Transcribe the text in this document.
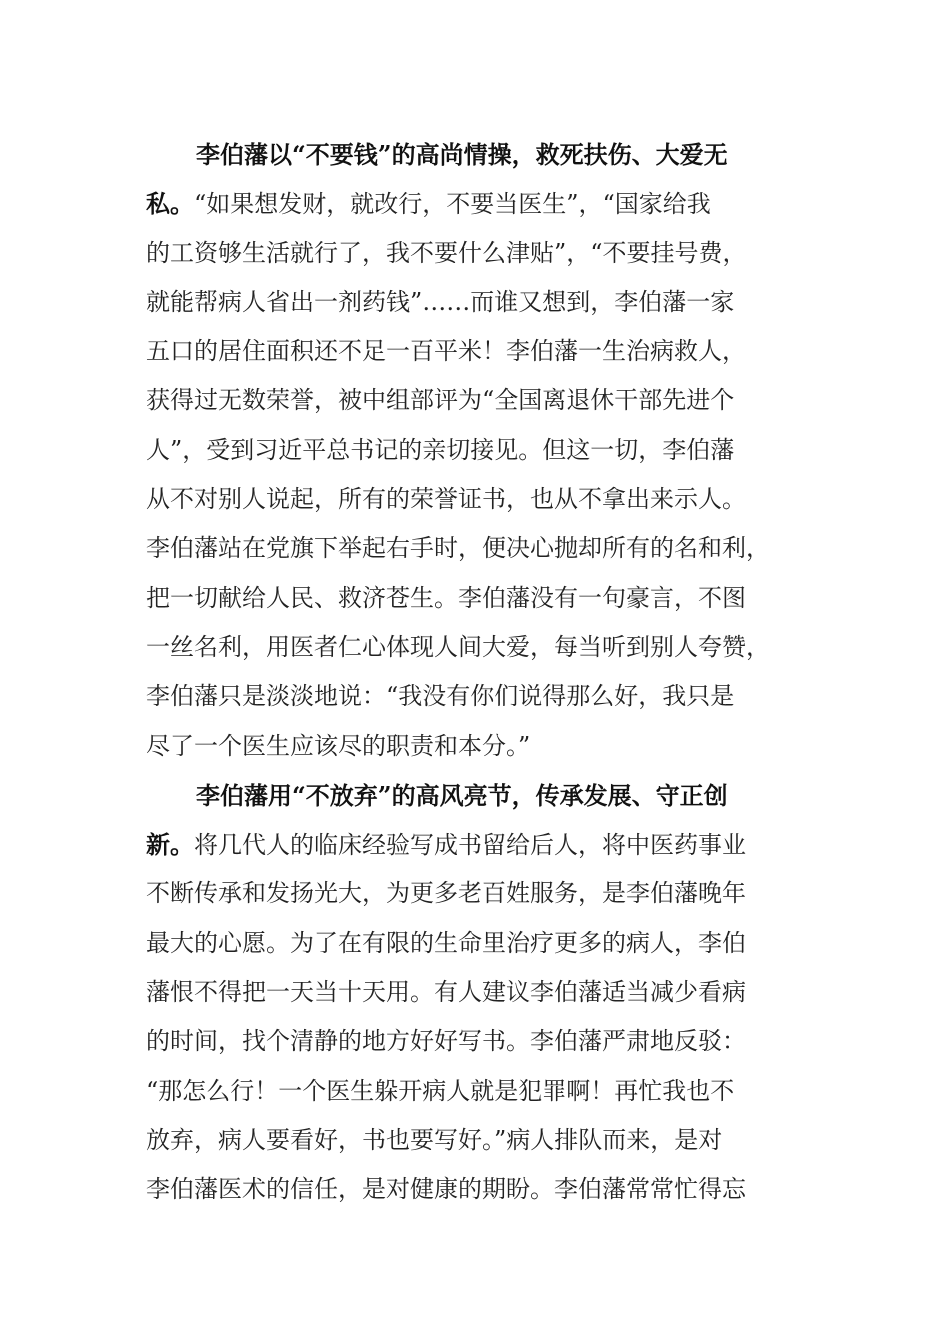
李伯藩以“不要钱”的高尚情操，救死扶伤、大爱无
私。“如果想发财，就改行，不要当医生”，“国家给我
的工资够生活就行了，我不要什么津贴”，“不要挂号费，
就能帮病人省出一剂药钱”……而谁又想到，李伯藩一家
五口的居住面积还不足一百平米！李伯藩一生治病救人，
获得过无数荣誉，被中组部评为“全国离退休干部先进个
人”，受到习近平总书记的亲切接见。但这一切，李伯藩
从不对别人说起，所有的荣誉证书，也从不拿出来示人。
李伯藩站在党旗下举起右手时，便决心抛却所有的名和利，
把一切献给人民、救济苍生。李伯藩没有一句豪言，不图
一丝名利，用医者仁心体现人间大爱，每当听到别人夸赞，
李伯藩只是淡淡地说：“我没有你们说得那么好，我只是
尽了一个医生应该尽的职责和本分。”
李伯藩用“不放弃”的高风亮节，传承发展、守正创
新。将几代人的临床经验写成书留给后人，将中医药事业
不断传承和发扬光大，为更多老百姓服务，是李伯藩晚年
最大的心愿。为了在有限的生命里治疗更多的病人，李伯
藩恨不得把一天当十天用。有人建议李伯藩适当减少看病
的时间，找个清静的地方好好写书。李伯藩严肃地反驳：
“那怎么行！一个医生躲开病人就是犯罪啊！再忙我也不
放弃，病人要看好，书也要写好。”病人排队而来，是对
李伯藩医术的信任，是对健康的期盼。李伯藩常常忙得忘
